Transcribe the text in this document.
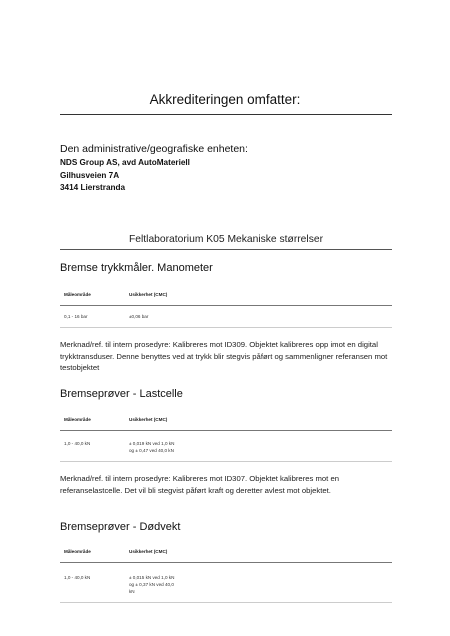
Akkrediteringen omfatter:
Den administrative/geografiske enheten:
NDS Group AS, avd AutoMateriell
Gilhusveien 7A
3414 Lierstranda
Feltlaboratorium K05 Mekaniske størrelser
Bremse trykkmåler. Manometer
Måleområde	Usikkerhet (CMC)
0,1 - 16 bar	±0,06 bar
Merknad/ref. til intern prosedyre: Kalibreres mot ID309. Objektet kalibreres opp imot en digital trykktransduser. Denne benyttes ved at trykk blir stegvis påført og sammenligner referansen mot testobjektet
Bremseprøver - Lastcelle
Måleområde	Usikkerhet (CMC)
1,0 - 40,0 kN	± 0,019 kN ved 1,0 kN
og ± 0,47 ved 40,0 kN
Merknad/ref. til intern prosedyre: Kalibreres mot ID307. Objektet kalibreres mot en referanselastcelle. Det vil bli stegvist påført kraft og deretter avlest mot objektet.
Bremseprøver - Dødvekt
Måleområde	Usikkerhet (CMC)
1,0 - 40,0 kN	± 0,015 kN ved 1,0 kN
og ± 0,37 kN ved 40,0
kN
